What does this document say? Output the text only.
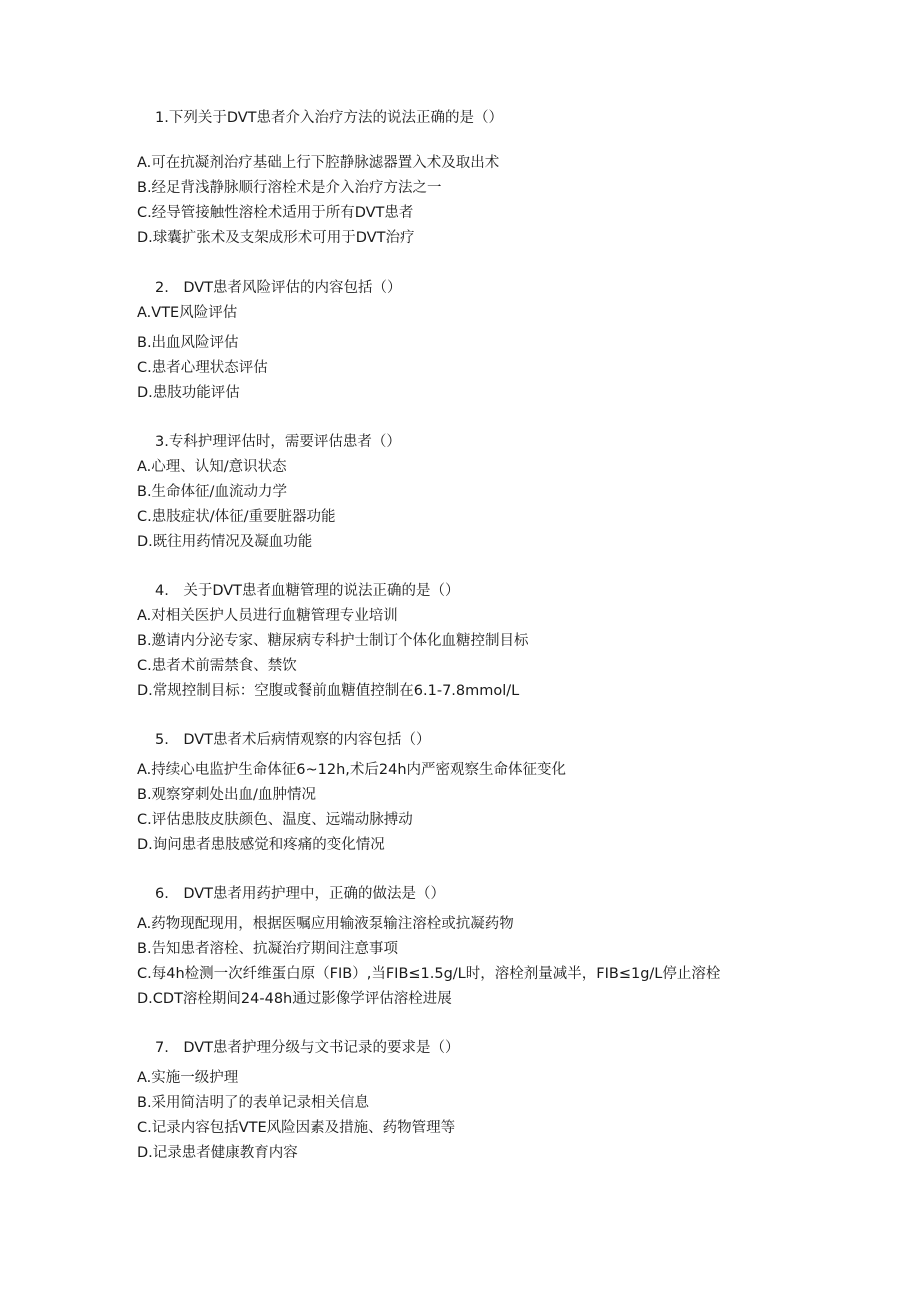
1.下列关于DVT患者介入治疗方法的说法正确的是（）
A.可在抗凝剂治疗基础上行下腔静脉滤器置入术及取出术
B.经足背浅静脉顺行溶栓术是介入治疗方法之一
C.经导管接触性溶栓术适用于所有DVT患者
D.球囊扩张术及支架成形术可用于DVT治疗
2.　DVT患者风险评估的内容包括（）
A.VTE风险评估
B.出血风险评估
C.患者心理状态评估
D.患肢功能评估
3.专科护理评估时，需要评估患者（）
A.心理、认知/意识状态
B.生命体征/血流动力学
C.患肢症状/体征/重要脏器功能
D.既往用药情况及凝血功能
4.　关于DVT患者血糖管理的说法正确的是（）
A.对相关医护人员进行血糖管理专业培训
B.邀请内分泌专家、糖尿病专科护士制订个体化血糖控制目标
C.患者术前需禁食、禁饮
D.常规控制目标：空腹或餐前血糖值控制在6.1-7.8mmol∕L
5.　DVT患者术后病情观察的内容包括（）
A.持续心电监护生命体征6~12h,术后24h内严密观察生命体征变化
B.观察穿刺处出血/血肿情况
C.评估患肢皮肤颜色、温度、远端动脉搏动
D.询问患者患肢感觉和疼痛的变化情况
6.　DVT患者用药护理中，正确的做法是（）
A.药物现配现用，根据医嘱应用输液泵输注溶栓或抗凝药物
B.告知患者溶栓、抗凝治疗期间注意事项
C.每4h检测一次纤维蛋白原（FIB）,当FIB≤1.5g/L时，溶栓剂量减半，FIB≤1g/L停止溶栓
D.CDT溶栓期间24-48h通过影像学评估溶栓进展
7.　DVT患者护理分级与文书记录的要求是（）
A.实施一级护理
B.采用简洁明了的表单记录相关信息
C.记录内容包括VTE风险因素及措施、药物管理等
D.记录患者健康教育内容
